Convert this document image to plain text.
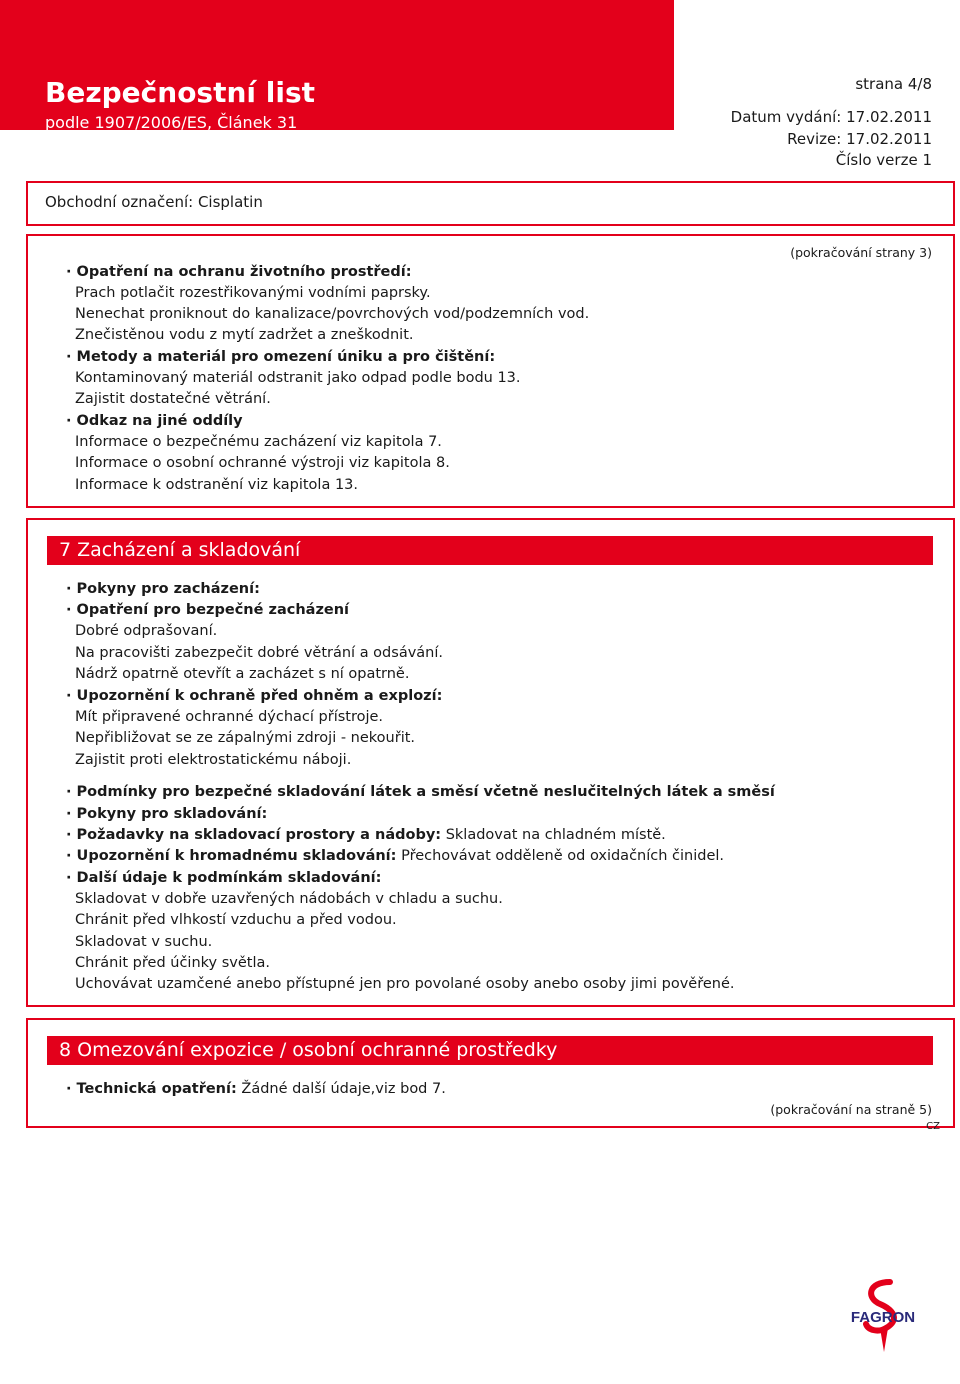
Bezpečnostní list
podle 1907/2006/ES, Článek 31
strana 4/8
Datum vydání: 17.02.2011
Revize: 17.02.2011
Číslo verze 1
Obchodní označení: Cisplatin
(pokračování strany 3)
· Opatření na ochranu životního prostředí:
Prach potlačit rozestřikovanými vodními paprsky.
Nenechat proniknout do kanalizace/povrchových vod/podzemních vod.
Znečistěnou vodu z mytí zadržet a zneškodnit.
· Metody a materiál pro omezení úniku a pro čištění:
Kontaminovaný materiál odstranit jako odpad podle bodu 13.
Zajistit dostatečné větrání.
· Odkaz na jiné oddíly
Informace o bezpečnému zacházení viz kapitola 7.
Informace o osobní ochranné výstroji viz kapitola 8.
Informace k odstranění viz kapitola 13.
7 Zacházení a skladování
· Pokyny pro zacházení:
· Opatření pro bezpečné zacházení
Dobré odprašovaní.
Na pracovišti zabezpečit dobré větrání a odsávání.
Nádrž opatrně otevřít a zacházet s ní opatrně.
· Upozornění k ochraně před ohněm a explozí:
Mít připravené ochranné dýchací přístroje.
Nepřibližovat se ze zápalnými zdroji - nekouřit.
Zajistit proti elektrostatickému náboji.
· Podmínky pro bezpečné skladování látek a směsí včetně neslučitelných látek a směsí
· Pokyny pro skladování:
· Požadavky na skladovací prostory a nádoby: Skladovat na chladném místě.
· Upozornění k hromadnému skladování: Přechovávat odděleně od oxidačních činidel.
· Další údaje k podmínkám skladování:
Skladovat v dobře uzavřených nádobách v chladu a suchu.
Chránit před vlhkostí vzduchu a před vodou.
Skladovat v suchu.
Chránit před účinky světla.
Uchovávat uzamčené anebo přístupné jen pro povolané osoby anebo osoby jimi pověřené.
8 Omezování expozice / osobní ochranné prostředky
· Technická opatření: Žádné další údaje,viz bod 7.
(pokračování na straně 5)
CZ
FAGRON
